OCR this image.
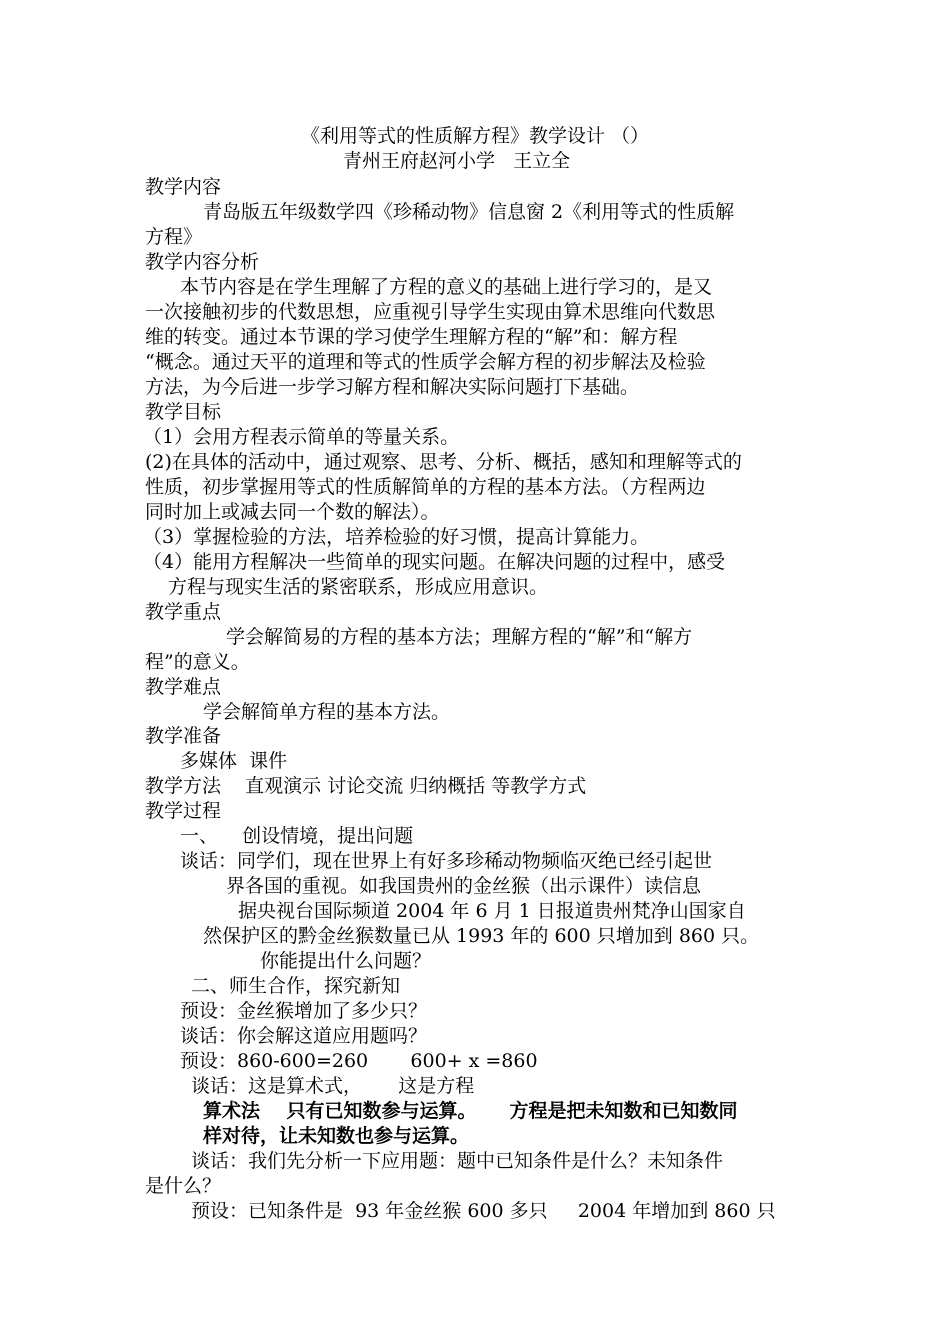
《利用等式的性质解方程》教学设计 （）
青州王府赵河小学   王立全
教学内容
青岛版五年级数学四《珍稀动物》信息窗 2《利用等式的性质解
方程》
教学内容分析
本节内容是在学生理解了方程的意义的基础上进行学习的，是又
一次接触初步的代数思想，应重视引导学生实现由算术思维向代数思
维的转变。通过本节课的学习使学生理解方程的“解”和：解方程
“概念。通过天平的道理和等式的性质学会解方程的初步解法及检验
方法，为今后进一步学习解方程和解决实际问题打下基础。
教学目标
（1）会用方程表示简单的等量关系。
(2)在具体的活动中，通过观察、思考、分析、概括，感知和理解等式的
性质，初步掌握用等式的性质解简单的方程的基本方法。（方程两边
同时加上或减去同一个数的解法）。
（3）掌握检验的方法，培养检验的好习惯，提高计算能力。
（4）能用方程解决一些简单的现实问题。在解决问题的过程中，感受
方程与现实生活的紧密联系，形成应用意识。
教学重点
学会解简易的方程的基本方法；理解方程的“解”和“解方
程”的意义。
教学难点
学会解简单方程的基本方法。
教学准备
多媒体  课件
教学方法    直观演示 讨论交流 归纳概括 等教学方式
教学过程
一、    创设情境，提出问题
谈话：同学们，现在世界上有好多珍稀动物频临灭绝已经引起世
界各国的重视。如我国贵州的金丝猴（出示课件）读信息
据央视台国际频道 2004 年 6 月 1 日报道贵州梵净山国家自
然保护区的黔金丝猴数量已从 1993 年的 600 只增加到 860 只。
你能提出什么问题？
二、师生合作，探究新知
预设：金丝猴增加了多少只？
谈话：你会解这道应用题吗？
预设：860-600=260       600+ x =860
谈话：这是算术式，      这是方程
算术法    只有已知数参与运算。     方程是把未知数和已知数同
样对待，让未知数也参与运算。
谈话：我们先分析一下应用题：题中已知条件是什么？未知条件
是什么？
预设：已知条件是  93 年金丝猴 600 多只     2004 年增加到 860 只
